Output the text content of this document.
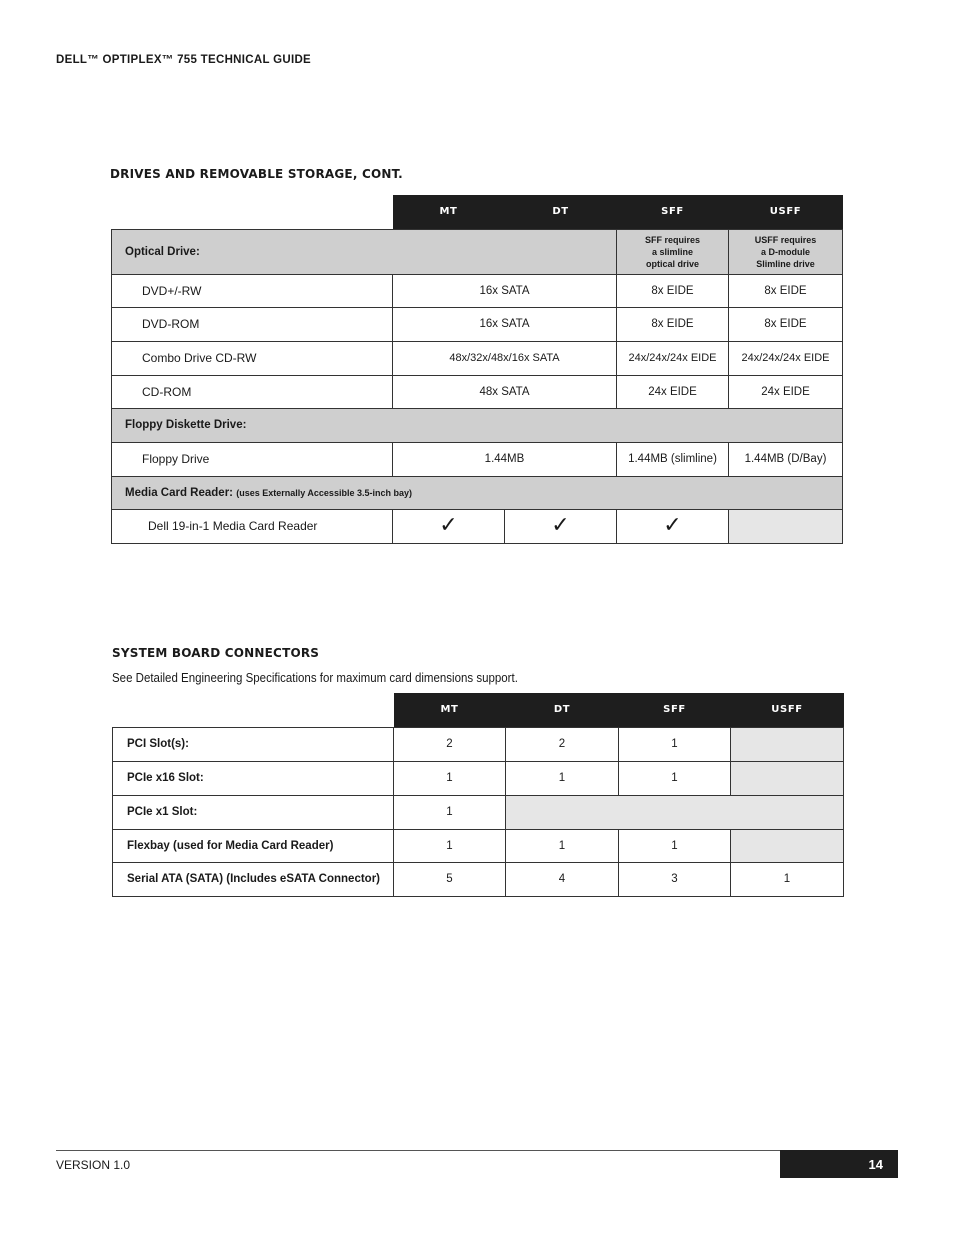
DELL™ OPTIPLEX™ 755 TECHNICAL GUIDE
DRIVES AND REMOVABLE STORAGE, CONT.
	MT	DT	SFF	USFF
Optical Drive:			SFF requires
a slimline
optical drive	USFF requires
a D-module
Slimline drive
DVD+/-RW	16x SATA		8x EIDE	8x EIDE
DVD-ROM	16x SATA		8x EIDE	8x EIDE
Combo Drive CD-RW	48x/32x/48x/16x SATA		24x/24x/24x EIDE	24x/24x/24x EIDE
CD-ROM	48x SATA		24x EIDE	24x EIDE
Floppy Diskette Drive:				
Floppy Drive	1.44MB		1.44MB (slimline)	1.44MB (D/Bay)
Media Card Reader: (uses Externally Accessible 3.5-inch bay)				
Dell 19-in-1 Media Card Reader	✓	✓	✓	
SYSTEM BOARD CONNECTORS
See Detailed Engineering Specifications for maximum card dimensions support.
	MT	DT	SFF	USFF
PCI Slot(s):	2	2	1	
PCIe x16 Slot:	1	1	1	
PCIe x1 Slot:	1			
Flexbay (used for Media Card Reader)	1	1	1	
Serial ATA (SATA) (Includes eSATA Connector)	5	4	3	1
VERSION 1.0	14
